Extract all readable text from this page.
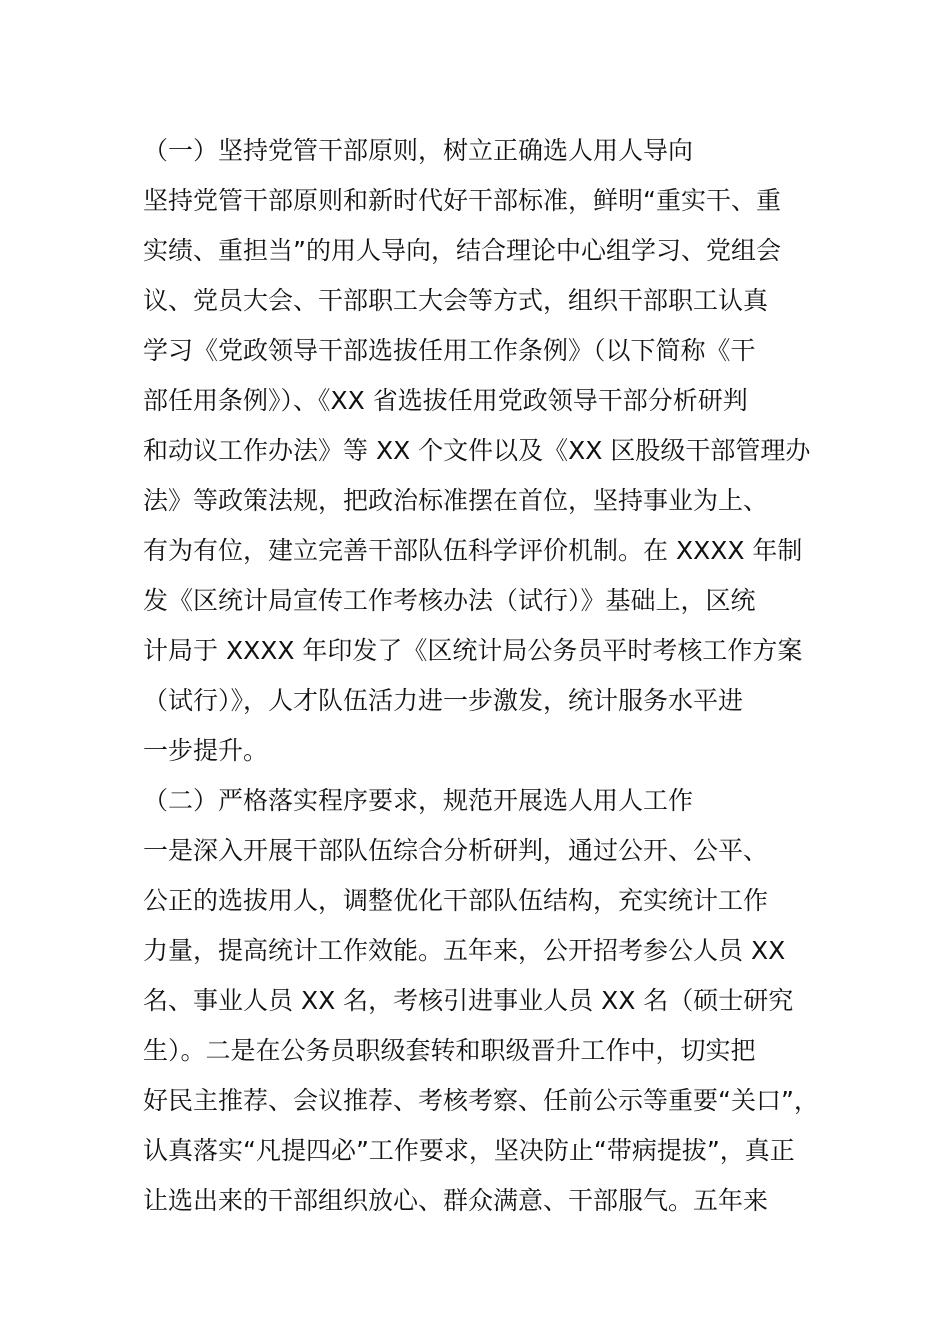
（一）坚持党管干部原则，树立正确选人用人导向
坚持党管干部原则和新时代好干部标准，鲜明“重实干、重
实绩、重担当”的用人导向，结合理论中心组学习、党组会
议、党员大会、干部职工大会等方式，组织干部职工认真
学习《党政领导干部选拔任用工作条例》（以下简称《干
部任用条例》）、《XX 省选拔任用党政领导干部分析研判
和动议工作办法》等 XX 个文件以及《XX 区股级干部管理办
法》等政策法规，把政治标准摆在首位，坚持事业为上、
有为有位，建立完善干部队伍科学评价机制。在 XXXX 年制
发《区统计局宣传工作考核办法（试行）》基础上，区统
计局于 XXXX 年印发了《区统计局公务员平时考核工作方案
（试行）》，人才队伍活力进一步激发，统计服务水平进
一步提升。
（二）严格落实程序要求，规范开展选人用人工作
一是深入开展干部队伍综合分析研判，通过公开、公平、
公正的选拔用人，调整优化干部队伍结构，充实统计工作
力量，提高统计工作效能。五年来，公开招考参公人员 XX
名、事业人员 XX 名，考核引进事业人员 XX 名（硕士研究
生）。二是在公务员职级套转和职级晋升工作中，切实把
好民主推荐、会议推荐、考核考察、任前公示等重要“关口”，
认真落实“凡提四必”工作要求，坚决防止“带病提拔”，真正
让选出来的干部组织放心、群众满意、干部服气。五年来
